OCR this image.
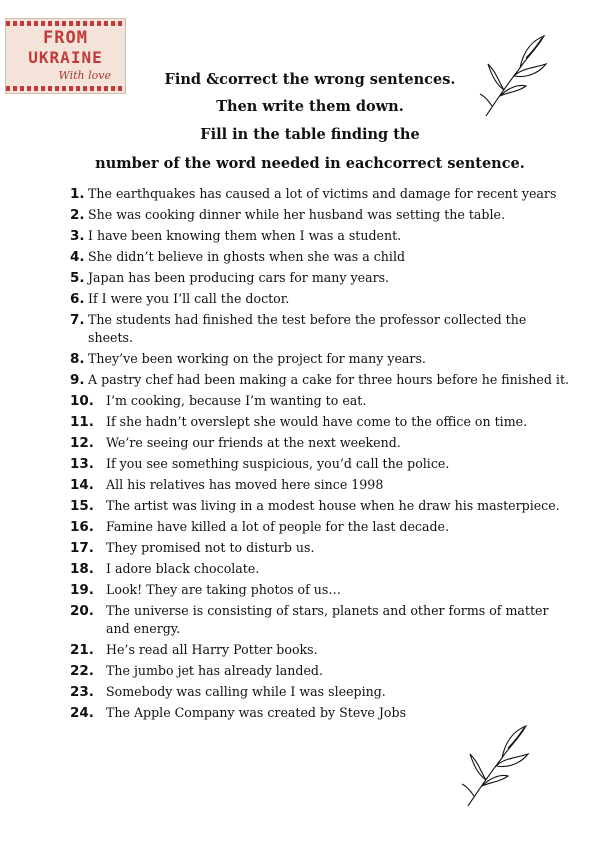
FROM
UKRAINE
With love	Find &correct the wrong sentences.
Then write them down.
Fill in the table finding the
number of the word needed in eachcorrect sentence.
1. The earthquakes has caused a lot of victims and damage for recent years
2. She was cooking dinner while her husband was setting the table.
3. I have been knowing them when I was a student.
4. She didn’t believe in ghosts when she was a child
5. Japan has been producing cars for many years.
6. If I were you I’ll call the doctor.
7. The students had finished the test before the professor collected the sheets.
8. They’ve been working on the project for many years.
9. A pastry chef had been making a cake for three hours before he finished it.
10. I’m cooking, because I’m wanting to eat.
11. If she hadn’t overslept she would have come to the office on time.
12. We’re seeing our friends at the next weekend.
13. If you see something suspicious, you’d call the police.
14. All his relatives has moved here since 1998
15. The artist was living in a modest house when he draw his masterpiece.
16. Famine have killed a lot of people for the last decade.
17. They promised not to disturb us.
18. I adore black chocolate.
19. Look! They are taking photos of us…
20. The universe is consisting of stars, planets and other forms of matter and energy.
21. He’s read all Harry Potter books.
22. The jumbo jet has already landed.
23. Somebody was calling while I was sleeping.
24. The Apple Company was created by Steve Jobs
